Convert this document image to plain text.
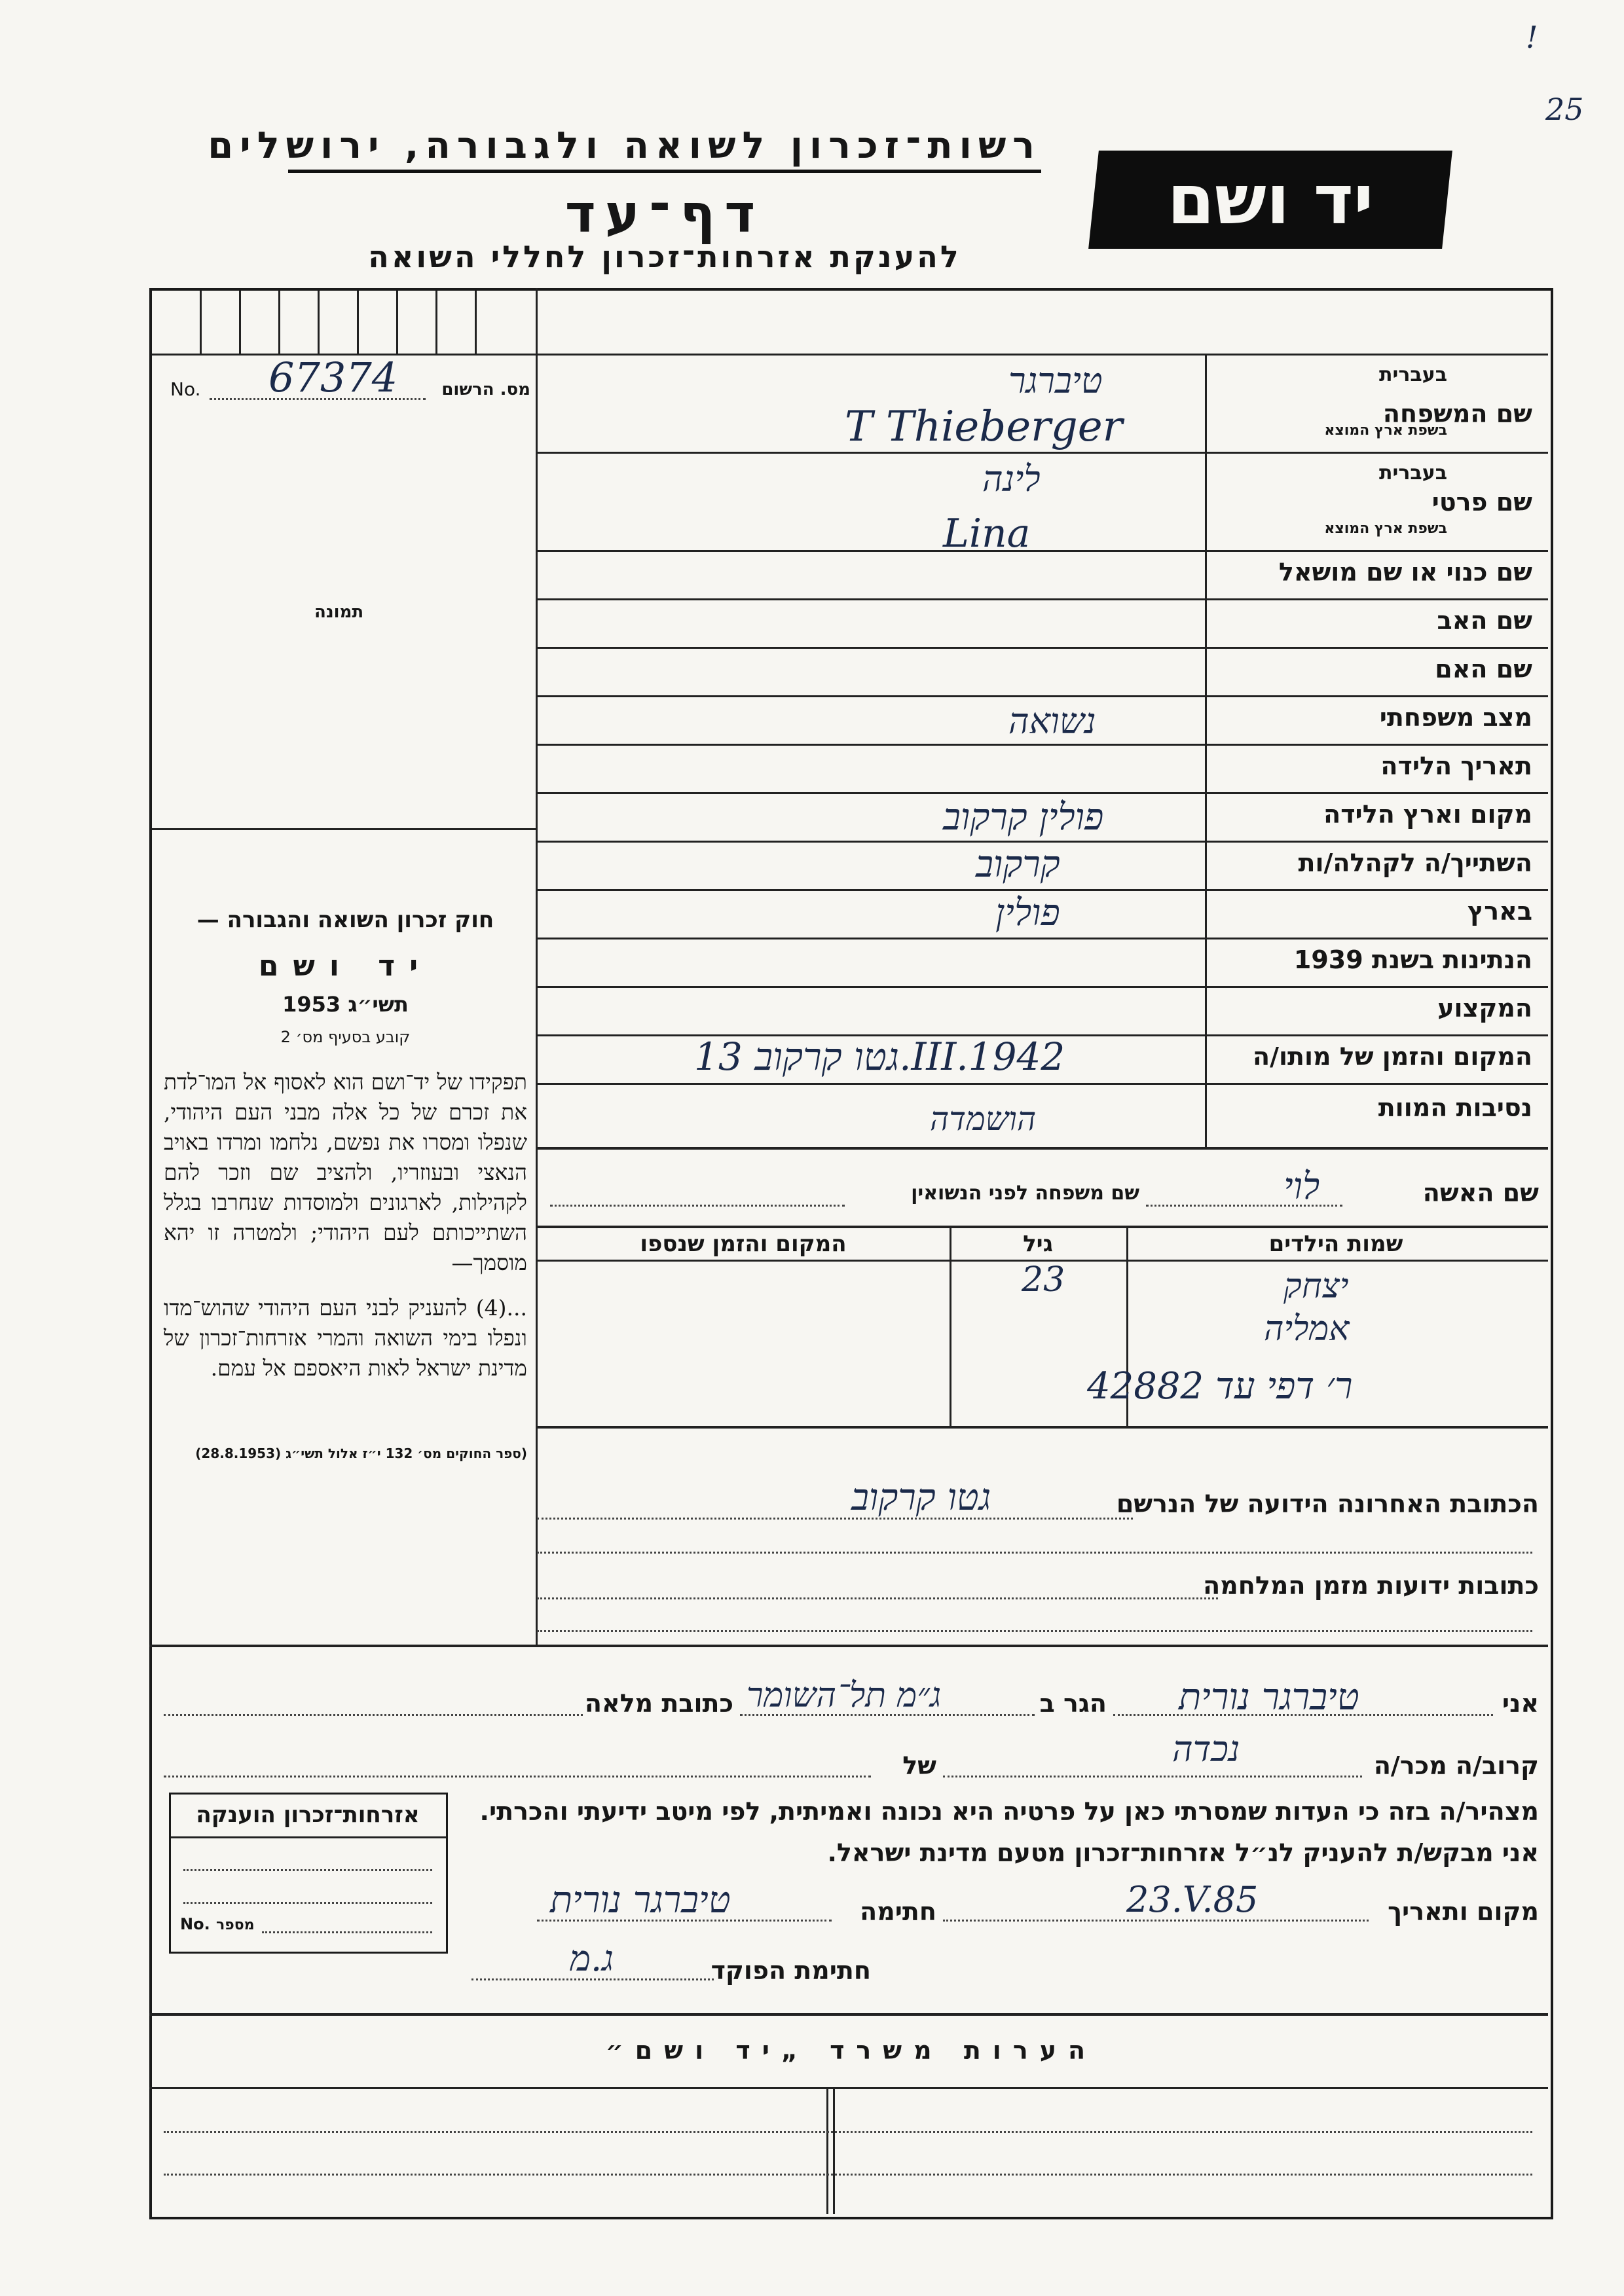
!
25
רשות־זכרון לשואה ולגבורה, ירושלים
דף־עד
להענקת אזרחות־זכרון לחללי השואה
יד ושם
מס. הרשום
No. 67374
תמונה
חוק זכרון השואה והגבורה —
יד ושם
תשי״ג 1953
קובע בסעיף מס׳ 2
תפקידו של יד־ושם הוא לאסוף אל המו־לדת את זכרם של כל אלה מבני העם היהודי, שנפלו ומסרו את נפשם, נלחמו ומרדו באויב הנאצי ובעוזריו, ולהציב שם וזכר להם לקהילות, לארגונים ולמוסדות שנחרבו בגלל השתייכותם לעם היהודי; ולמטרה זו יהא מוסמך—
...(4) להעניק לבני העם היהודי שהוש־מדו ונפלו בימי השואה והמרי אזרחות־זכרון של מדינת ישראל לאות היאספם אל עמם.
(ספר החוקים מס׳ 132 י״ז אלול תשי״ג (28.8.1953)
שם המשפחה
בעברית
בשפת ארץ המוצא
טיברגר
T Thieberger
שם פרטי
בעברית
בשפת ארץ המוצא
לינה
Lina
שם כנוי או שם מושאל
שם האב
שם האם
מצב משפחתי
נשואה
תאריך הלידה
מקום וארץ הלידה
פולין קרקוב
השתייך/ה לקהלה/ות
קרקוב
בארץ
פולין
הנתינות בשנת 1939
המקצוע
המקום והזמן של מותו/ה
גטו קרקוב 13.III.1942
נסיבות המוות
הושמדה
שם האשה
לוי
שם משפחה לפני הנשואין
שמות הילדים
גיל
המקום והזמן שנספו
יצחק
23
אמליה
ר׳ דפי עד 42882
הכתובת האחרונה הידועה של הנרשם
גטו קרקוב
כתובות ידועות מזמן המלחמה
אני
טיברגר נורית
הגר ב
ג״מ תל־השומר
כתובת מלאה
קרוב/ה מכר/ה
נכדה
של
מצהיר/ה בזה כי העדות שמסרתי כאן על פרטיה היא נכונה ואמיתית, לפי מיטב ידיעתי והכרתי.
אני מבקש/ת להעניק לנ״ל אזרחות־זכרון מטעם מדינת ישראל.
מקום ותאריך
23.V.85
חתימה
טיברגר נורית
חתימת הפוקד
ג.מ
אזרחות־זכרון הוענקה
No. מספר
הערות משרד „יד ושם״
